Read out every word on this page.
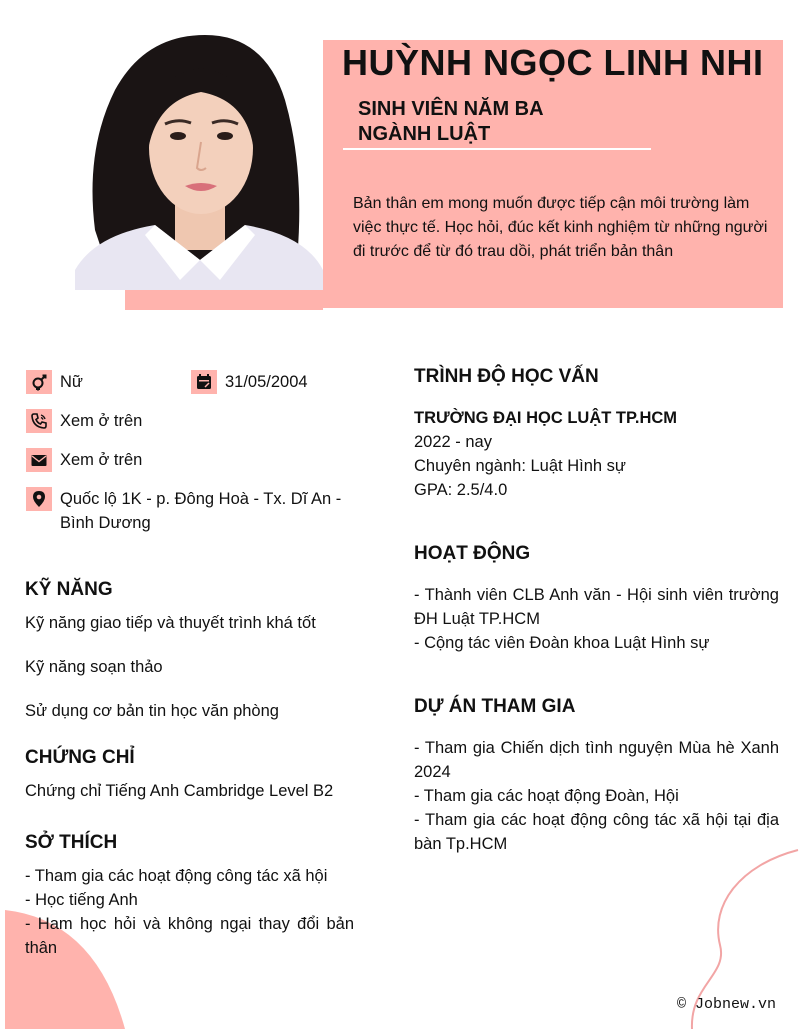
HUỲNH NGỌC LINH NHI
SINH VIÊN NĂM BA
NGÀNH LUẬT
Bản thân em mong muốn được tiếp cận môi trường làm việc thực tế. Học hỏi, đúc kết kinh nghiệm từ những người đi trước để từ đó trau dồi, phát triển bản thân
Nữ	31/05/2004
Xem ở trên
Xem ở trên
Quốc lộ 1K - p. Đông Hoà - Tx. Dĩ An - Bình Dương
KỸ NĂNG
Kỹ năng giao tiếp và thuyết trình khá tốt
Kỹ năng soạn thảo
Sử dụng cơ bản tin học văn phòng
CHỨNG CHỈ
Chứng chỉ Tiếng Anh Cambridge Level B2
SỞ THÍCH
- Tham gia các hoạt động công tác xã hội
- Học tiếng Anh
- Ham học hỏi và không ngại thay đổi bản thân
TRÌNH ĐỘ HỌC VẤN
TRƯỜNG ĐẠI HỌC LUẬT TP.HCM
2022 - nay
Chuyên ngành: Luật Hình sự
GPA: 2.5/4.0
HOẠT ĐỘNG
- Thành viên CLB Anh văn - Hội sinh viên trường ĐH Luật TP.HCM
- Cộng tác viên Đoàn khoa Luật Hình sự
DỰ ÁN THAM GIA
- Tham gia Chiến dịch tình nguyện Mùa hè Xanh 2024
- Tham gia các hoạt động Đoàn, Hội
- Tham gia các hoạt động công tác xã hội tại địa bàn Tp.HCM
© Jobnew.vn
